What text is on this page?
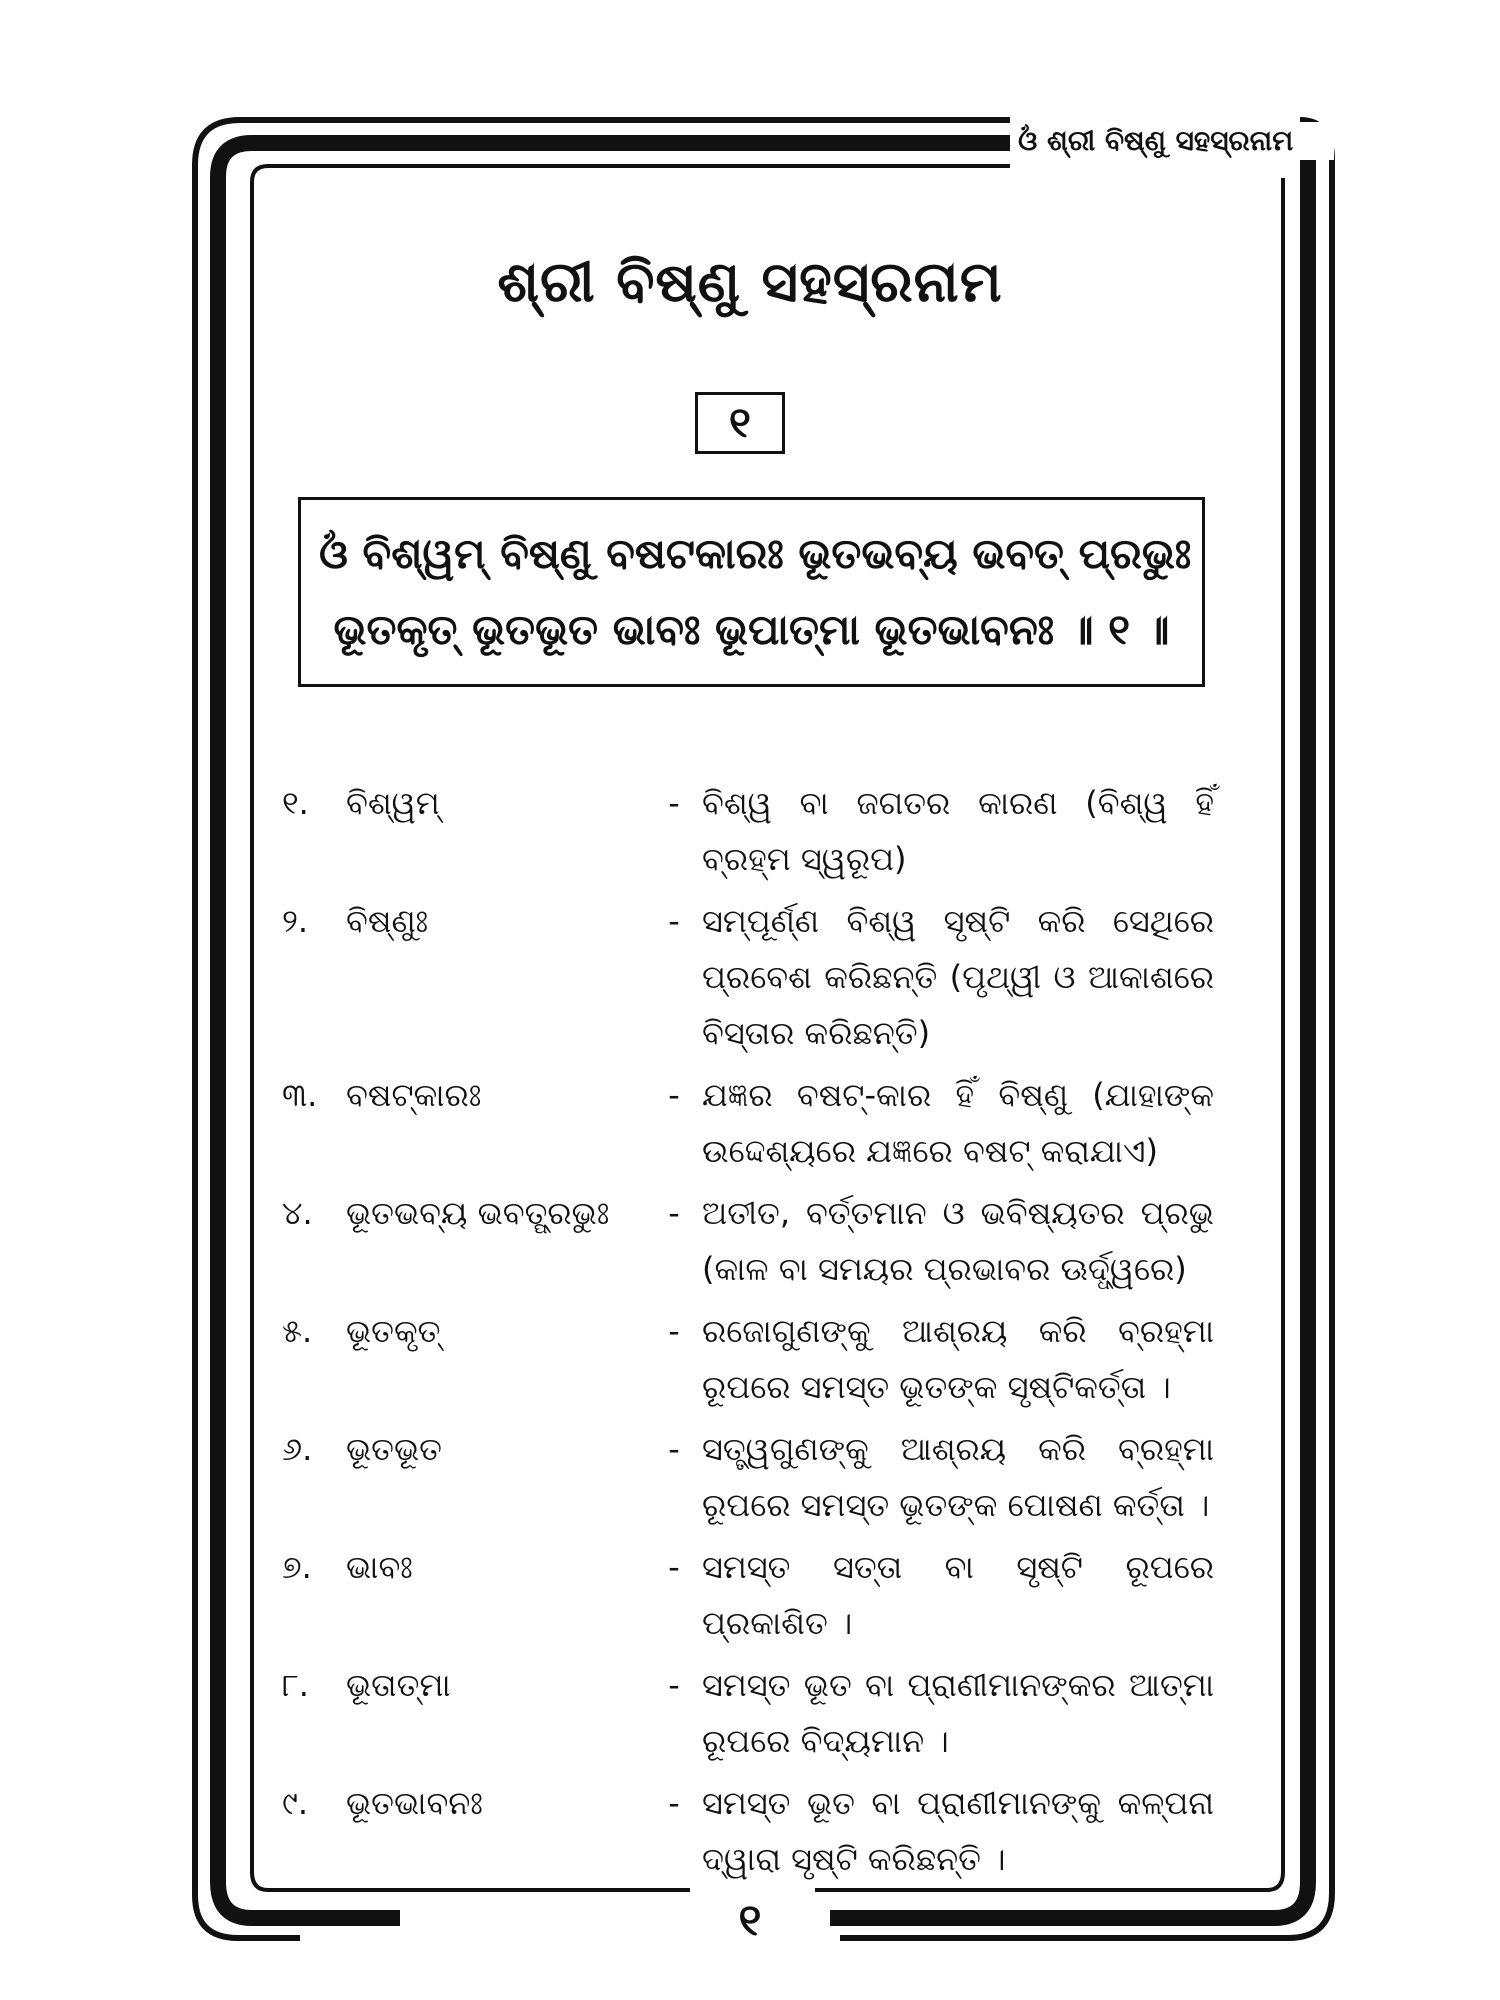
ଓଁ ଶ୍ରୀ ବିଷ୍ଣୁ ସହସ୍ରନାମ
ଶ୍ରୀ ବିଷ୍ଣୁ ସହସ୍ରନାମ
୧
ଓଁ ବିଶ୍ୱମ୍ ବିଷ୍ଣୁ ବଷଟକାରଃ ଭୂତଭବ୍ୟ ଭବତ୍ ପ୍ରଭୁଃ
ଭୂତକୃତ୍ ଭୂତଭୂତ ଭାବଃ ଭୂପାତ୍ମା ଭୂତଭାବନଃ ॥ ୧ ॥
୧.	ବିଶ୍ୱମ୍	- ବିଶ୍ୱ ବା ଜଗତର କାରଣ (ବିଶ୍ୱ ହିଁ ବ୍ରହ୍ମ ସ୍ୱରୂପ)
୨.	ବିଷ୍ଣୁଃ	- ସମ୍ପୂର୍ଣ୍ଣ ବିଶ୍ୱ ସୃଷ୍ଟି କରି ସେଥିରେ ପ୍ରବେଶ କରିଛନ୍ତି (ପୃଥ୍ୱୀ ଓ ଆକାଶରେ ବିସ୍ତାର କରିଛନ୍ତି)
୩. ବଷଟ୍କାରଃ	- ଯଜ୍ଞର ବଷଟ୍-କାର ହିଁ ବିଷ୍ଣୁ (ଯାହାଙ୍କ ଉଦ୍ଦେଶ୍ୟରେ ଯଜ୍ଞରେ ବଷଟ୍ କରାଯାଏ)
୪.	ଭୂତଭବ୍ୟ ଭବତ୍ପ୍ରଭୁଃ	- ଅତୀତ, ବର୍ତ୍ତମାନ ଓ ଭବିଷ୍ୟତର ପ୍ରଭୁ (କାଳ ବା ସମୟର ପ୍ରଭାବର ଊର୍ଦ୍ଧ୍ୱରେ)
୫.	ଭୂତକୃତ୍	- ରଜୋଗୁଣଙ୍କୁ ଆଶ୍ରୟ କରି ବ୍ରହ୍ମା ରୂପରେ ସମସ୍ତ ଭୂତଙ୍କ ସୃଷ୍ଟିକର୍ତ୍ତା ।
୬.	ଭୂତଭୂତ	- ସତ୍ତ୍ୱଗୁଣଙ୍କୁ ଆଶ୍ରୟ କରି ବ୍ରହ୍ମା ରୂପରେ ସମସ୍ତ ଭୂତଙ୍କ ପୋଷଣ କର୍ତ୍ତା ।
୭.	ଭାବଃ	- ସମସ୍ତ ସତ୍ତା ବା ସୃଷ୍ଟି ରୂପରେ ପ୍ରକାଶିତ ।
୮.	ଭୂତାତ୍ମା	- ସମସ୍ତ ଭୂତ ବା ପ୍ରାଣୀମାନଙ୍କର ଆତ୍ମା ରୂପରେ ବିଦ୍ୟମାନ ।
୯.	ଭୂତଭାବନଃ	- ସମସ୍ତ ଭୂତ ବା ପ୍ରାଣୀମାନଙ୍କୁ କଳ୍ପନା ଦ୍ୱାରା ସୃଷ୍ଟି କରିଛନ୍ତି ।
୧
